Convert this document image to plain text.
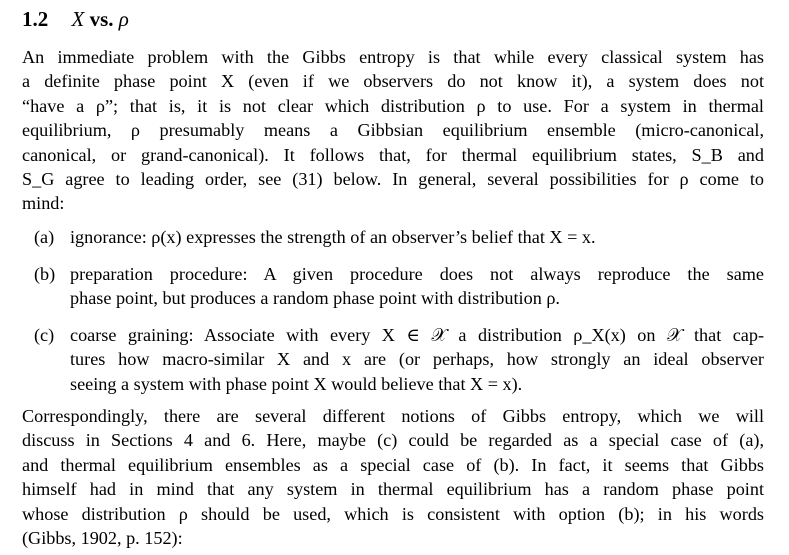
1.2 X vs. ρ
An immediate problem with the Gibbs entropy is that while every classical system has
a definite phase point X (even if we observers do not know it), a system does not
“have a ρ”; that is, it is not clear which distribution ρ to use. For a system in thermal
equilibrium, ρ presumably means a Gibbsian equilibrium ensemble (micro-canonical,
canonical, or grand-canonical). It follows that, for thermal equilibrium states, S_B and
S_G agree to leading order, see (31) below. In general, several possibilities for ρ come to
mind:
(a) ignorance: ρ(x) expresses the strength of an observer’s belief that X = x.
(b) preparation procedure: A given procedure does not always reproduce the same
phase point, but produces a random phase point with distribution ρ.
(c) coarse graining: Associate with every X ∈ 𝒳 a distribution ρ_X(x) on 𝒳 that cap-
tures how macro-similar X and x are (or perhaps, how strongly an ideal observer
seeing a system with phase point X would believe that X = x).
Correspondingly, there are several different notions of Gibbs entropy, which we will
discuss in Sections 4 and 6. Here, maybe (c) could be regarded as a special case of (a),
and thermal equilibrium ensembles as a special case of (b). In fact, it seems that Gibbs
himself had in mind that any system in thermal equilibrium has a random phase point
whose distribution ρ should be used, which is consistent with option (b); in his words
(Gibbs, 1902, p. 152):
